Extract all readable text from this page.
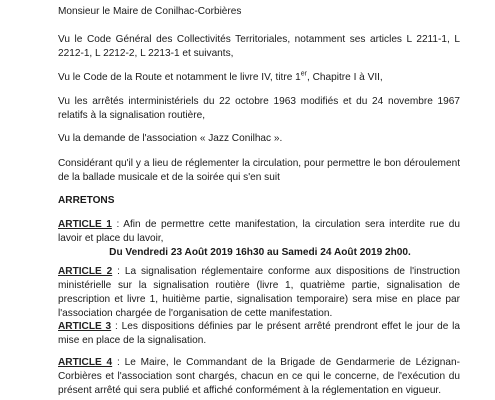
Monsieur le Maire de Conilhac-Corbières

Vu le Code Général des Collectivités Territoriales, notamment ses articles L 2211-1, L 2212-1, L 2212-2, L 2213-1 et suivants,

Vu le Code de la Route et notamment le livre IV, titre 1er, Chapitre I à VII,

Vu les arrêtés interministériels du 22 octobre 1963 modifiés et du 24 novembre 1967 relatifs à la signalisation routière,

Vu la demande de l'association « Jazz Conilhac ».

Considérant qu'il y a lieu de réglementer la circulation, pour permettre le bon déroulement de la ballade musicale et de la soirée qui s'en suit

ARRETONS

ARTICLE 1 : Afin de permettre cette manifestation, la circulation sera interdite rue du lavoir et place du lavoir,

Du Vendredi 23 Août 2019 16h30 au Samedi 24 Août 2019 2h00.

ARTICLE 2 : La signalisation réglementaire conforme aux dispositions de l'instruction ministérielle sur la signalisation routière (livre 1, quatrième partie, signalisation de prescription et livre 1, huitième partie, signalisation temporaire) sera mise en place par l'association chargée de l'organisation de cette manifestation.

ARTICLE 3 : Les dispositions définies par le présent arrêté prendront effet le jour de la mise en place de la signalisation.

ARTICLE 4 : Le Maire, le Commandant de la Brigade de Gendarmerie de Lézignan-Corbières et l'association sont chargés, chacun en ce qui le concerne, de l'exécution du présent arrêté qui sera publié et affiché conformément à la réglementation en vigueur.
